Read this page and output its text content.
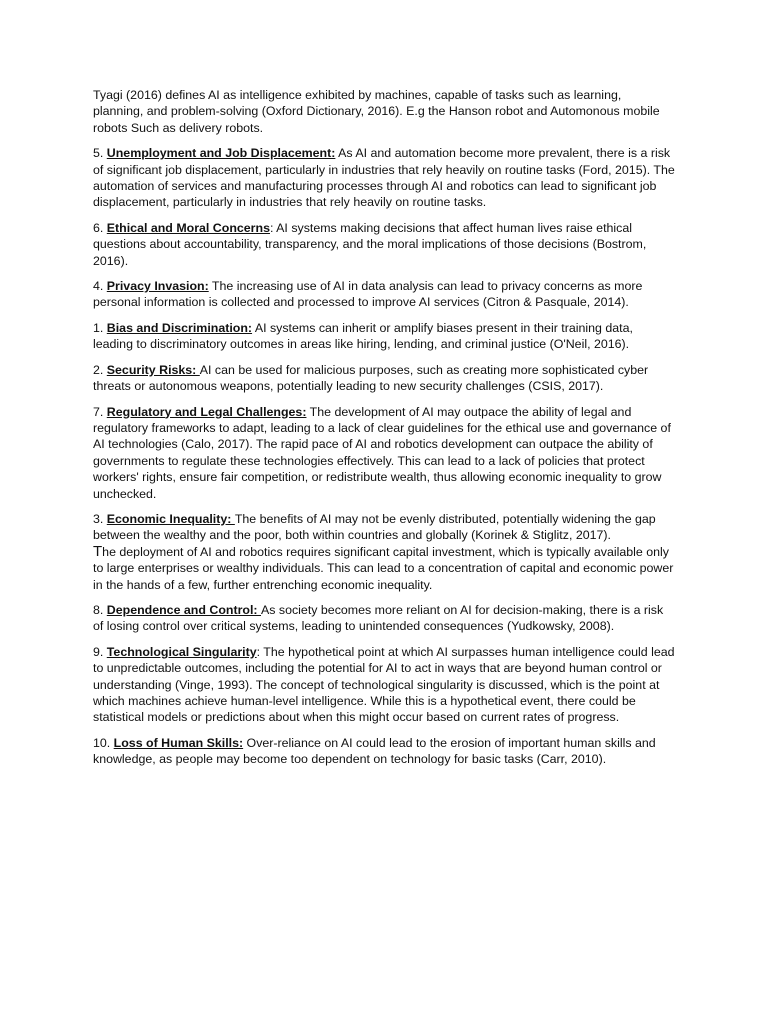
Tyagi (2016) defines AI as intelligence exhibited by machines, capable of tasks such as learning, planning, and problem-solving (Oxford Dictionary, 2016). E.g the Hanson robot and Automonous mobile robots Such as delivery robots.

5. Unemployment and Job Displacement: As AI and automation become more prevalent, there is a risk of significant job displacement, particularly in industries that rely heavily on routine tasks (Ford, 2015). The automation of services and manufacturing processes through AI and robotics can lead to significant job displacement, particularly in industries that rely heavily on routine tasks.

6. Ethical and Moral Concerns: AI systems making decisions that affect human lives raise ethical questions about accountability, transparency, and the moral implications of those decisions (Bostrom, 2016).

4. Privacy Invasion: The increasing use of AI in data analysis can lead to privacy concerns as more personal information is collected and processed to improve AI services (Citron & Pasquale, 2014).

1. Bias and Discrimination: AI systems can inherit or amplify biases present in their training data, leading to discriminatory outcomes in areas like hiring, lending, and criminal justice (O'Neil, 2016).

2. Security Risks: AI can be used for malicious purposes, such as creating more sophisticated cyber threats or autonomous weapons, potentially leading to new security challenges (CSIS, 2017).

7. Regulatory and Legal Challenges: The development of AI may outpace the ability of legal and regulatory frameworks to adapt, leading to a lack of clear guidelines for the ethical use and governance of AI technologies (Calo, 2017). The rapid pace of AI and robotics development can outpace the ability of governments to regulate these technologies effectively. This can lead to a lack of policies that protect workers' rights, ensure fair competition, or redistribute wealth, thus allowing economic inequality to grow unchecked.

3. Economic Inequality: The benefits of AI may not be evenly distributed, potentially widening the gap between the wealthy and the poor, both within countries and globally (Korinek & Stiglitz, 2017).
The deployment of AI and robotics requires significant capital investment, which is typically available only to large enterprises or wealthy individuals. This can lead to a concentration of capital and economic power in the hands of a few, further entrenching economic inequality.

8. Dependence and Control: As society becomes more reliant on AI for decision-making, there is a risk of losing control over critical systems, leading to unintended consequences (Yudkowsky, 2008).

9. Technological Singularity: The hypothetical point at which AI surpasses human intelligence could lead to unpredictable outcomes, including the potential for AI to act in ways that are beyond human control or understanding (Vinge, 1993). The concept of technological singularity is discussed, which is the point at which machines achieve human-level intelligence. While this is a hypothetical event, there could be statistical models or predictions about when this might occur based on current rates of progress.

10. Loss of Human Skills: Over-reliance on AI could lead to the erosion of important human skills and knowledge, as people may become too dependent on technology for basic tasks (Carr, 2010).
